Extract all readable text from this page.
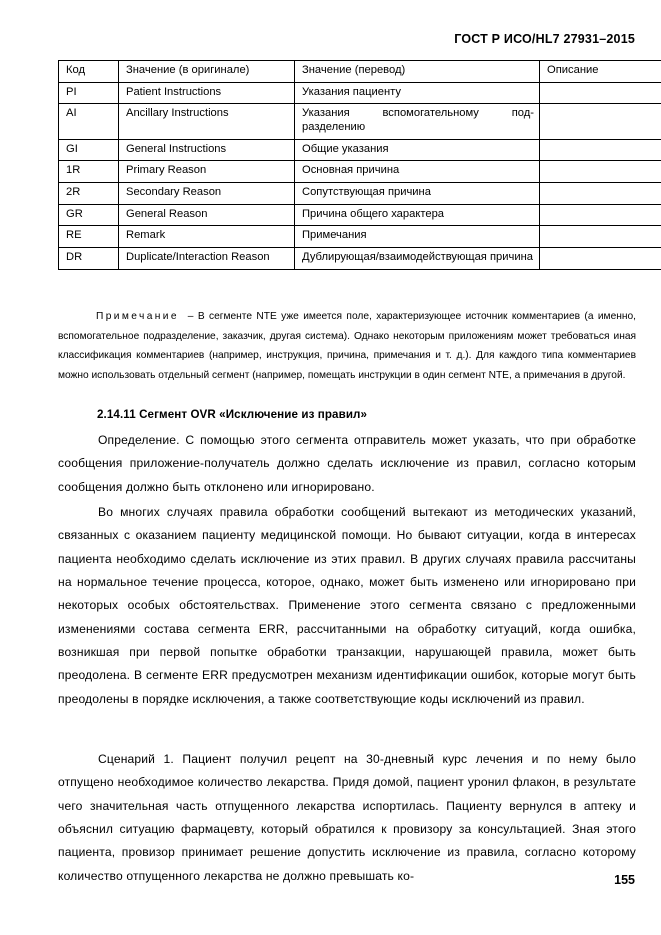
ГОСТ Р ИСО/HL7 27931–2015
Код	Значение (в оригинале)	Значение (перевод)	Описание
PI	Patient Instructions	Указания пациенту	
AI	Ancillary Instructions	Указания вспомогательному под-разделению	
GI	General Instructions	Общие указания	
1R	Primary Reason	Основная причина	
2R	Secondary Reason	Сопутствующая причина	
GR	General Reason	Причина общего характера	
RE	Remark	Примечания	
DR	Duplicate/Interaction Reason	Дублирующая/взаимодействующая причина	

Примечание – В сегменте NTE уже имеется поле, характеризующее источник комментариев (а именно, вспомогательное подразделение, заказчик, другая система). Однако некоторым приложениям может требоваться иная классификация комментариев (например, инструкция, причина, примечания и т. д.). Для каждого типа комментариев можно использовать отдельный сегмент (например, помещать инструкции в один сегмент NTE, а примечания в другой.

2.14.11 Сегмент OVR «Исключение из правил»

Определение. С помощью этого сегмента отправитель может указать, что при обработке сообщения приложение-получатель должно сделать исключение из правил, согласно которым сообщения должно быть отклонено или игнорировано.

Во многих случаях правила обработки сообщений вытекают из методических указаний, связанных с оказанием пациенту медицинской помощи. Но бывают ситуации, когда в интересах пациента необходимо сделать исключение из этих правил. В других случаях правила рассчитаны на нормальное течение процесса, которое, однако, может быть изменено или игнорировано при некоторых особых обстоятельствах. Применение этого сегмента связано с предложенными изменениями состава сегмента ERR, рассчитанными на обработку ситуаций, когда ошибка, возникшая при первой попытке обработки транзакции, нарушающей правила, может быть преодолена. В сегменте ERR предусмотрен механизм идентификации ошибок, которые могут быть преодолены в порядке исключения, а также соответствующие коды исключений из правил.

Сценарий 1. Пациент получил рецепт на 30-дневный курс лечения и по нему было отпущено необходимое количество лекарства. Придя домой, пациент уронил флакон, в результате чего значительная часть отпущенного лекарства испортилась. Пациенту вернулся в аптеку и объяснил ситуацию фармацевту, который обратился к провизору за консультацией. Зная этого пациента, провизор принимает решение допустить исключение из правила, согласно которому количество отпущенного лекарства не должно превышать ко-	155
